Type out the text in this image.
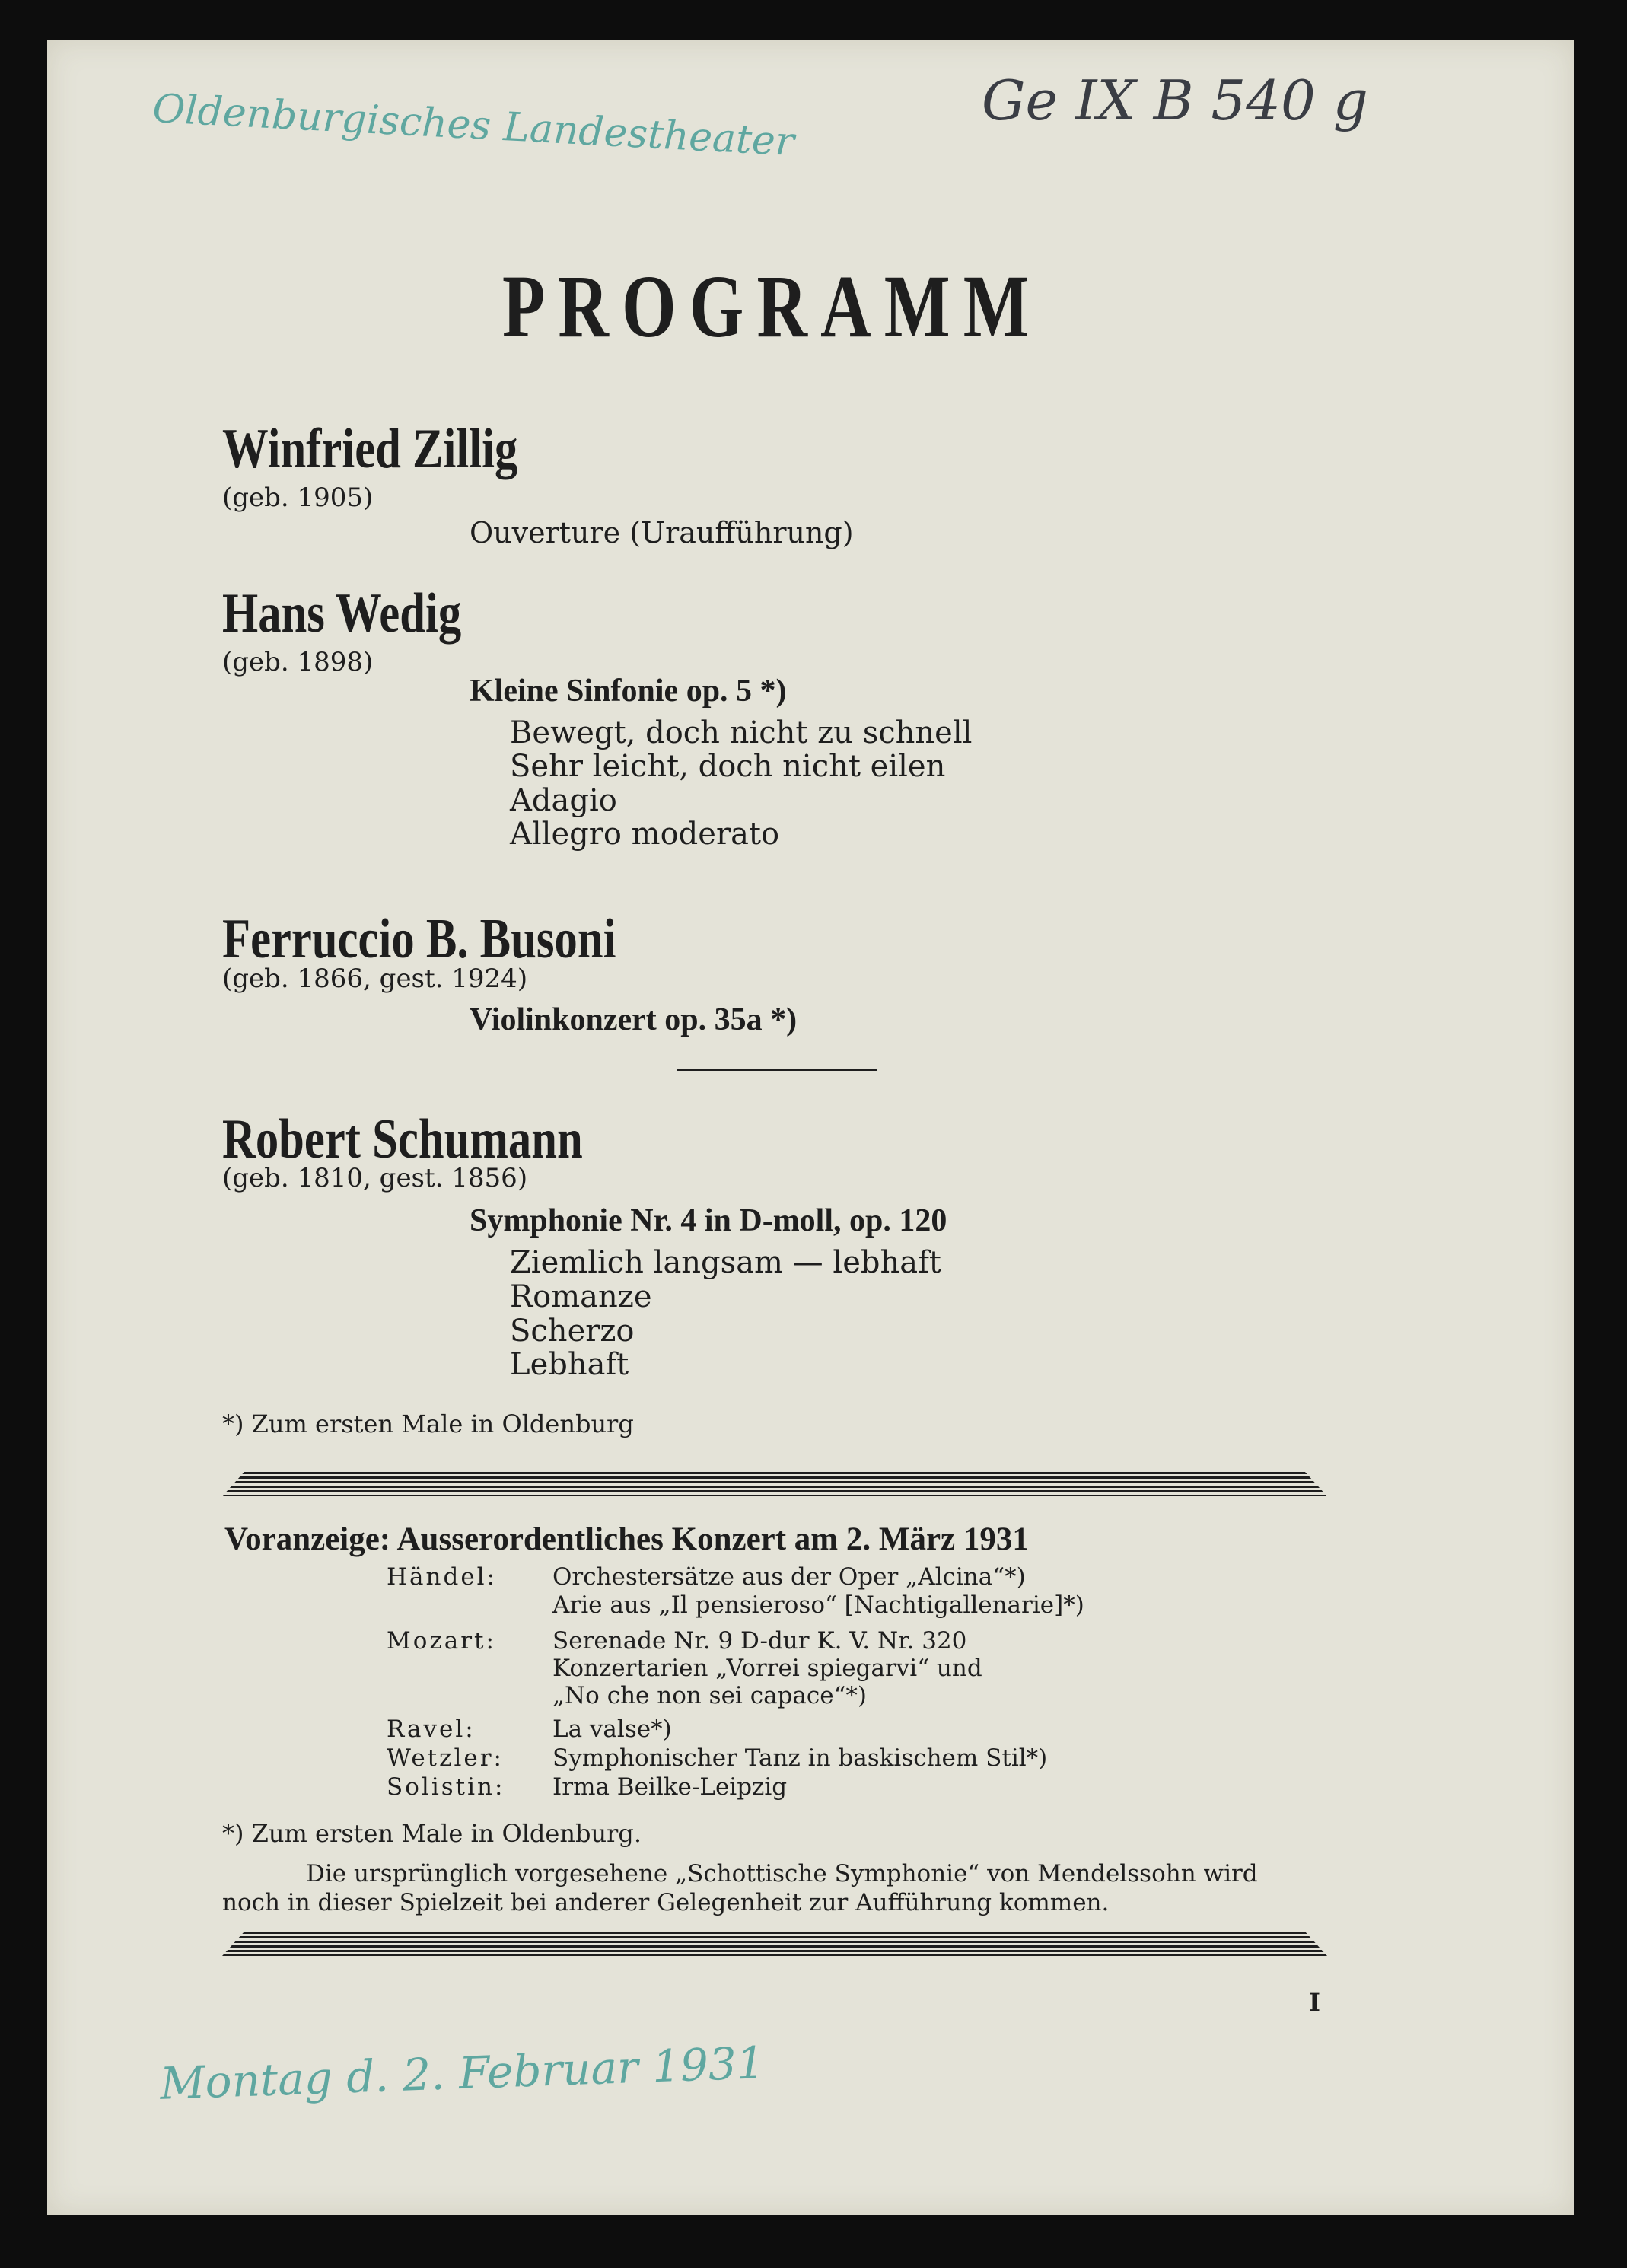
Oldenburgisches Landestheater	Ge IX B 540 g
Montag d. 2. Februar 1931
PROGRAMM
Winfried Zillig
(geb. 1905)
Ouverture (Uraufführung)
Hans Wedig
(geb. 1898)
Kleine Sinfonie op. 5 *)
Bewegt, doch nicht zu schnell
Sehr leicht, doch nicht eilen
Adagio
Allegro moderato
Ferruccio B. Busoni
(geb. 1866, gest. 1924)
Violinkonzert op. 35a *)
Robert Schumann
(geb. 1810, gest. 1856)
Symphonie Nr. 4 in D-moll, op. 120
Ziemlich langsam — lebhaft
Romanze
Scherzo
Lebhaft
*) Zum ersten Male in Oldenburg
Voranzeige: Ausserordentliches Konzert am 2. März 1931
Händel: Orchestersätze aus der Oper „Alcina“*)
Arie aus „Il pensieroso“ [Nachtigallenarie]*)
Mozart: Serenade Nr. 9 D-dur K. V. Nr. 320
Konzertarien „Vorrei spiegarvi“ und
„No che non sei capace“*)
Ravel:	La valse*)
Wetzler: Symphonischer Tanz in baskischem Stil*)
Solistin: Irma Beilke-Leipzig
*) Zum ersten Male in Oldenburg.
Die ursprünglich vorgesehene „Schottische Symphonie“ von Mendelssohn wird
noch in dieser Spielzeit bei anderer Gelegenheit zur Aufführung kommen.
I
